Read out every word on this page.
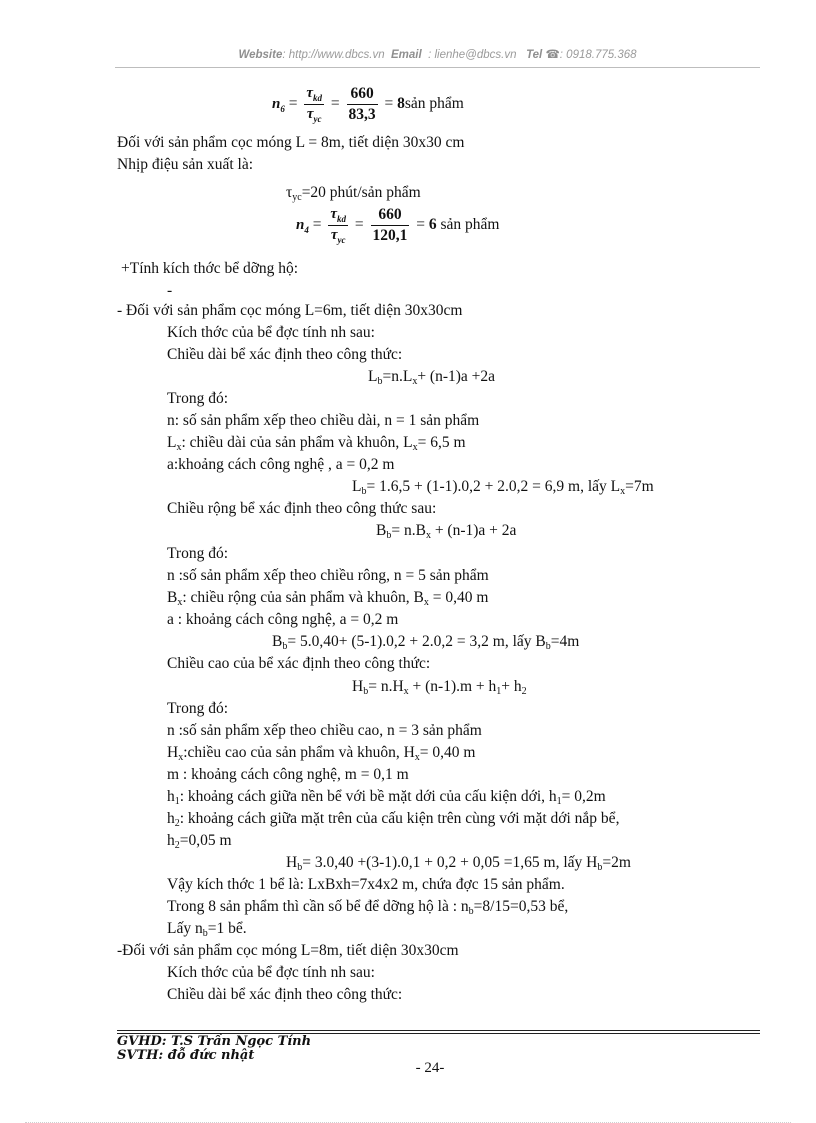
Website: http://www.dbcs.vn Email : lienhe@dbcs.vn Tel ☎: 0918.775.368
$n_6 = \frac{\tau_{kd}}{\tau_{yc}} = \frac{660}{83,3}$ = 8sản phẩm
Đối với sản phẩm cọc móng L = 8m, tiết diện 30x30 cm
Nhịp điệu sản xuất là:
$\tau_{yc}=20$ phút/sản phẩm
$n_4 = \frac{\tau_{kd}}{\tau_{yc}} = \frac{660}{120,1} = 6$ sản phẩm
+Tính kích thớc bể dỡng hộ:
-
- Đối với sản phẩm cọc móng L=6m, tiết diện 30x30cm
Kích thớc của bể đợc tính nh sau:
Chiều dài bể xác định theo công thức:
$L_b=n.L_x+ (n-1)a +2a$
Trong đó:
n: số sản phẩm xếp theo chiều dài, n = 1 sản phẩm
$L_x$: chiều dài của sản phẩm và khuôn, $L_x= 6,5$ m
a:khoảng cách công nghệ , a = 0,2 m
$L_b= 1.6,5 + (1-1).0,2 + 2.0,2 = 6,9$ m, lấy $L_x=7m$
Chiều rộng bể xác định theo công thức sau:
$B_b= n.B_x + (n-1)a + 2a$
Trong đó:
n :số sản phẩm xếp theo chiều rông, n = 5 sản phẩm
$B_x$: chiều rộng của sản phẩm và khuôn, $B_x = 0,40$ m
a : khoảng cách công nghệ, a = 0,2 m
$B_b= 5.0,40+ (5-1).0,2 + 2.0,2 = 3,2$ m, lấy $B_b=4m$
Chiều cao của bể xác định theo công thức:
$H_b= n.H_x + (n-1).m + h_1+ h_2$
Trong đó:
n :số sản phẩm xếp theo chiều cao, n = 3 sản phẩm
$H_x:chiều$ cao của sản phẩm và khuôn, $H_x= 0,40$ m
m : khoảng cách công nghệ, m = 0,1 m
$h_1$: khoảng cách giữa nền bể với bề mặt dới của cấu kiện dới, $h_1= 0,2m$
$h_2$: khoảng cách giữa mặt trên của cấu kiện trên cùng với mặt dới nắp bể,
$h_2=0,05$ m
$H_b= 3.0,40 +(3-1).0,1 + 0,2 + 0,05 =1,65$ m, lấy $H_b=2m$
Vậy kích thớc 1 bể là: LxBxh=7x4x2 m, chứa đợc 15 sản phẩm.
Trong 8 sản phẩm thì cần số bể để dỡng hộ là : $n_b=8/15=0,53$ bể,
Lấy $n_b=1$ bể.
-Đối với sản phẩm cọc móng L=8m, tiết diện 30x30cm
Kích thớc của bể đợc tính nh sau:
Chiều dài bể xác định theo công thức:
GVHD: T.S Trần Ngọc Tính
SVTH: đỗ đức nhật
- 24-
